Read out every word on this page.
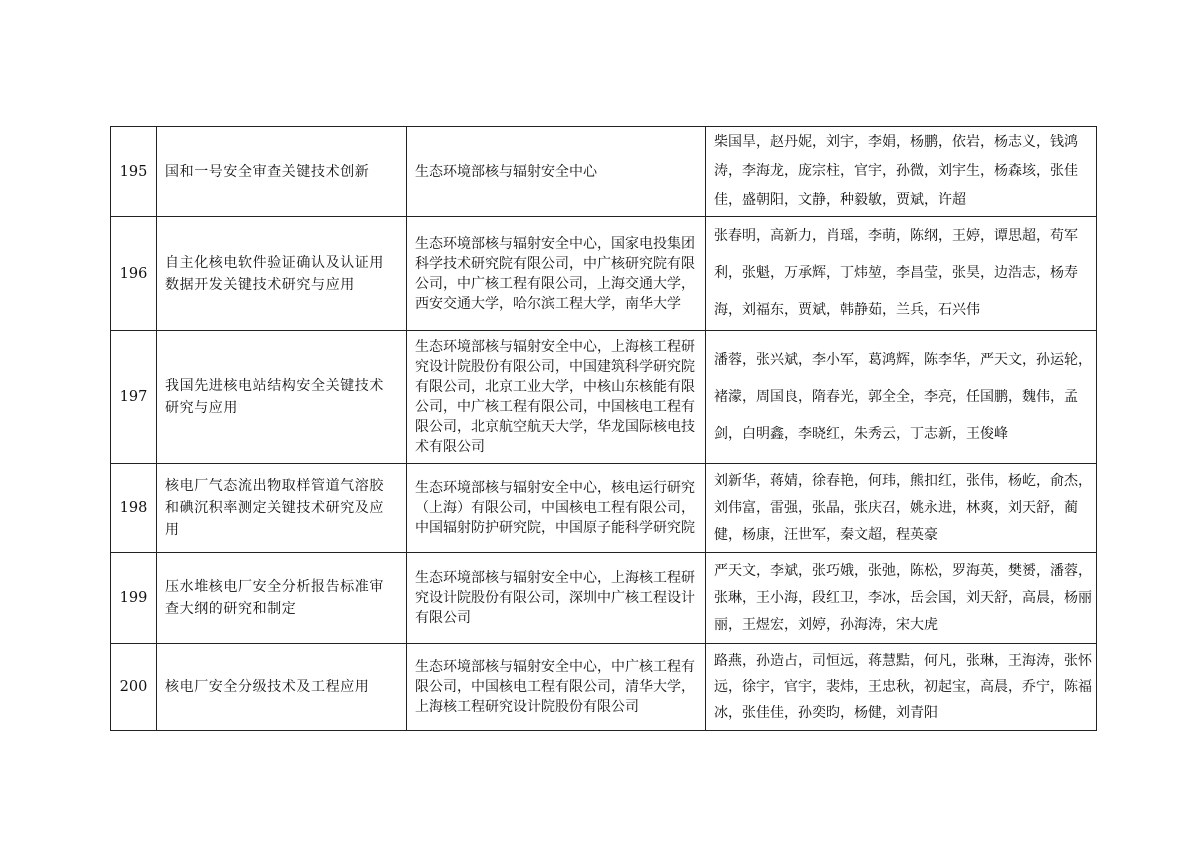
195	国和一号安全审查关键技术创新	生态环境部核与辐射安全中心	柴国旱，赵丹妮，刘宇，李娟，杨鹏，依岩，杨志义，钱鸿涛，李海龙，庞宗柱，官宇，孙微，刘宇生，杨森垓，张佳佳，盛朝阳，文静，种毅敏，贾斌，许超
196	自主化核电软件验证确认及认证用数据开发关键技术研究与应用	生态环境部核与辐射安全中心，国家电投集团科学技术研究院有限公司，中广核研究院有限公司，中广核工程有限公司，上海交通大学，西安交通大学，哈尔滨工程大学，南华大学	张春明，高新力，肖瑶，李萌，陈纲，王婷，谭思超，苟军利，张魁，万承辉，丁炜堃，李昌莹，张昊，边浩志，杨寿海，刘福东，贾斌，韩静茹，兰兵，石兴伟
197	我国先进核电站结构安全关键技术研究与应用	生态环境部核与辐射安全中心，上海核工程研究设计院股份有限公司，中国建筑科学研究院有限公司，北京工业大学，中核山东核能有限公司，中广核工程有限公司，中国核电工程有限公司，北京航空航天大学，华龙国际核电技术有限公司	潘蓉，张兴斌，李小军，葛鸿辉，陈李华，严天文，孙运轮，褚濛，周国良，隋春光，郭全全，李亮，任国鹏，魏伟，孟剑，白明鑫，李晓红，朱秀云，丁志新，王俊峰
198	核电厂气态流出物取样管道气溶胶和碘沉积率测定关键技术研究及应用	生态环境部核与辐射安全中心，核电运行研究（上海）有限公司，中国核电工程有限公司，中国辐射防护研究院，中国原子能科学研究院	刘新华，蒋婧，徐春艳，何玮，熊扣红，张伟，杨屹，俞杰，刘伟富，雷强，张晶，张庆召，姚永进，林爽，刘天舒，蔺健，杨康，汪世军，秦文超，程英豪
199	压水堆核电厂安全分析报告标准审查大纲的研究和制定	生态环境部核与辐射安全中心，上海核工程研究设计院股份有限公司，深圳中广核工程设计有限公司	严天文，李斌，张巧娥，张弛，陈松，罗海英，樊赟，潘蓉，张琳，王小海，段红卫，李冰，岳会国，刘天舒，高晨，杨丽丽，王煜宏，刘婷，孙海涛，宋大虎
200	核电厂安全分级技术及工程应用	生态环境部核与辐射安全中心，中广核工程有限公司，中国核电工程有限公司，清华大学，上海核工程研究设计院股份有限公司	路燕，孙造占，司恒远，蒋慧黠，何凡，张琳，王海涛，张怀远，徐宇，官宇，裴炜，王忠秋，初起宝，高晨，乔宁，陈福冰，张佳佳，孙奕昀，杨健，刘青阳
